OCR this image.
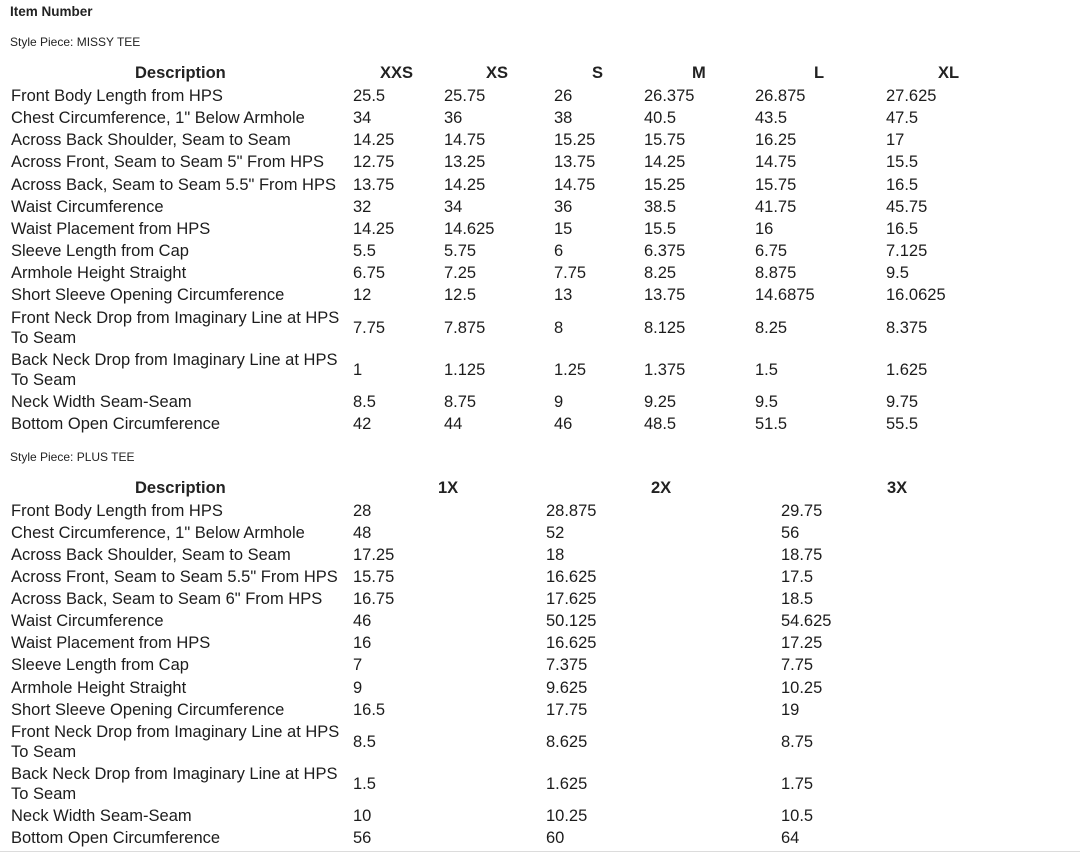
Item Number
Style Piece: MISSY TEE
Description	XXS	XS	S	M	L	XL
Front Body Length from HPS	25.5	25.75	26	26.375	26.875	27.625
Chest Circumference, 1" Below Armhole	34	36	38	40.5	43.5	47.5
Across Back Shoulder, Seam to Seam	14.25	14.75	15.25	15.75	16.25	17
Across Front, Seam to Seam 5" From HPS	12.75	13.25	13.75	14.25	14.75	15.5
Across Back, Seam to Seam 5.5" From HPS	13.75	14.25	14.75	15.25	15.75	16.5
Waist Circumference	32	34	36	38.5	41.75	45.75
Waist Placement from HPS	14.25	14.625	15	15.5	16	16.5
Sleeve Length from Cap	5.5	5.75	6	6.375	6.75	7.125
Armhole Height Straight	6.75	7.25	7.75	8.25	8.875	9.5
Short Sleeve Opening Circumference	12	12.5	13	13.75	14.6875	16.0625
Front Neck Drop from Imaginary Line at HPS To Seam
7.75	7.875	8	8.125	8.25	8.375
Back Neck Drop from Imaginary Line at HPS To Seam
1	1.125	1.25	1.375	1.5	1.625
Neck Width Seam-Seam	8.5	8.75	9	9.25	9.5	9.75
Bottom Open Circumference	42	44	46	48.5	51.5	55.5
Style Piece: PLUS TEE
Description	1X	2X	3X
Front Body Length from HPS	28	28.875	29.75
Chest Circumference, 1" Below Armhole	48	52	56
Across Back Shoulder, Seam to Seam	17.25	18	18.75
Across Front, Seam to Seam 5.5" From HPS 15.75	16.625	17.5
Across Back, Seam to Seam 6" From HPS	16.75	17.625	18.5
Waist Circumference	46	50.125	54.625
Waist Placement from HPS	16	16.625	17.25
Sleeve Length from Cap	7	7.375	7.75
Armhole Height Straight	9	9.625	10.25
Short Sleeve Opening Circumference	16.5	17.75	19
Front Neck Drop from Imaginary Line at HPS To Seam
8.5	8.625	8.75
Back Neck Drop from Imaginary Line at HPS To Seam
1.5	1.625	1.75
Neck Width Seam-Seam	10	10.25	10.5
Bottom Open Circumference	56	60	64
